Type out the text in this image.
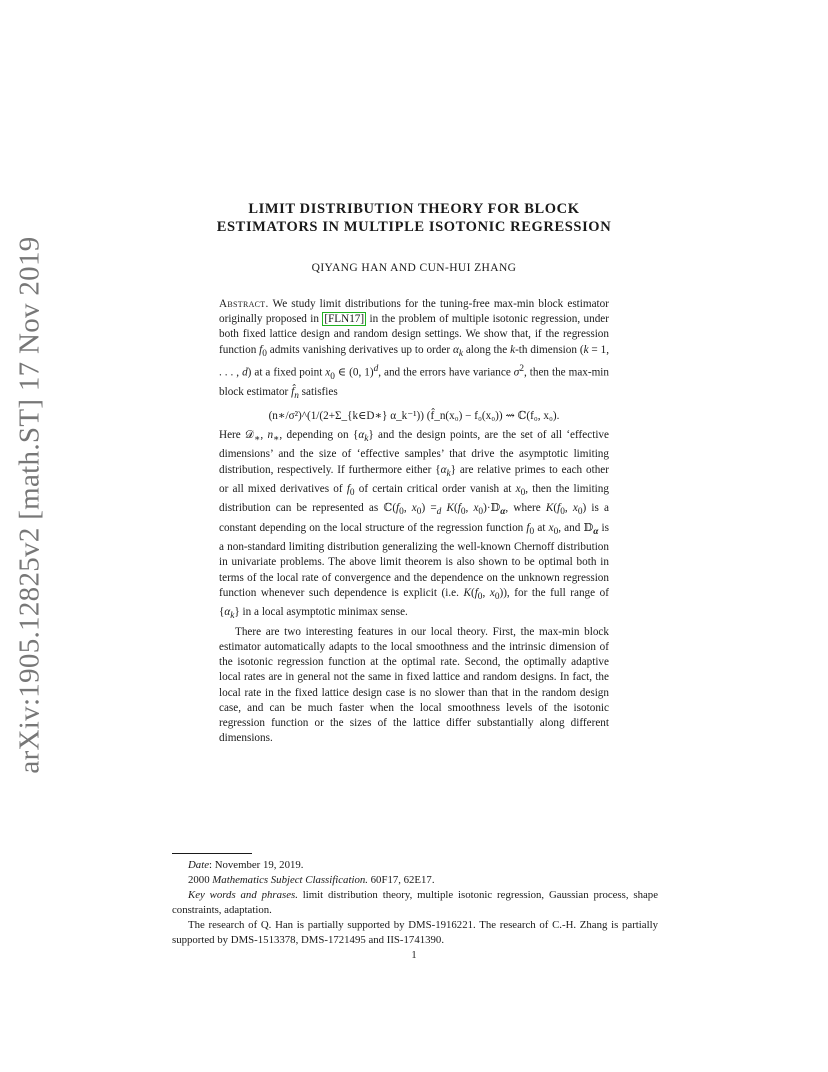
arXiv:1905.12825v2 [math.ST] 17 Nov 2019
LIMIT DISTRIBUTION THEORY FOR BLOCK
ESTIMATORS IN MULTIPLE ISOTONIC REGRESSION
QIYANG HAN AND CUN-HUI ZHANG

Abstract. We study limit distributions for the tuning-free max-min block estimator originally proposed in [FLN17] in the problem of multiple isotonic regression, under both fixed lattice design and random design settings. We show that, if the regression function $f_0$ admits vanishing derivatives up to order $\alpha_k$ along the k-th dimension (k = 1, . . . , d) at a fixed point $x_0$ ∈ (0, 1)$^d$, and the errors have variance $\sigma^2$, then the max-min block estimator $f̂_n$ satisfies

(n∗/σ²)^(1/(2+Σ_{k∈D∗} α_k⁻¹)) (f̂_n(x₀) − f₀(x₀)) ⇝ ℂ(f₀, x₀).

Here 𝒟$_∗$, $n_∗$, depending on $\{\alpha_k\}$ and the design points, are the set of all ‘effective dimensions’ and the size of ‘effective samples’ that drive the asymptotic limiting distribution, respectively. If furthermore either $\{\alpha_k\}$ are relative primes to each other or all mixed derivatives of $f_0$ of certain critical order vanish at $x_0$, then the limiting distribution can be represented as $ℂ(f_0$, $x_0) =_d$ $K(f_0$, $x_0)\cdot 𝔻_\alpha$, where $K(f_0$, $x_0$) is a constant depending on the local structure of the regression function $f_0$ at $x_0$, and 𝔻$_\alpha$ is a non-standard limiting distribution generalizing the well-known Chernoff distribution in univariate problems. The above limit theorem is also shown to be optimal both in terms of the local rate of convergence and the dependence on the unknown regression function whenever such dependence is explicit (i.e. $K(f_0$, $x_0$)), for the full range of $\{\alpha_k\}$ in a local asymptotic minimax sense.

There are two interesting features in our local theory. First, the max-min block estimator automatically adapts to the local smoothness and the intrinsic dimension of the isotonic regression function at the optimal rate. Second, the optimally adaptive local rates are in general not the same in fixed lattice and random designs. In fact, the local rate in the fixed lattice design case is no slower than that in the random design case, and can be much faster when the local smoothness levels of the isotonic regression function or the sizes of the lattice differ substantially along different dimensions.

Date: November 19, 2019.

2000 Mathematics Subject Classification. 60F17, 62E17.

Key words and phrases. limit distribution theory, multiple isotonic regression, Gaussian process, shape constraints, adaptation.

The research of Q. Han is partially supported by DMS-1916221. The research of C.-H. Zhang is partially supported by DMS-1513378, DMS-1721495 and IIS-1741390.

1
